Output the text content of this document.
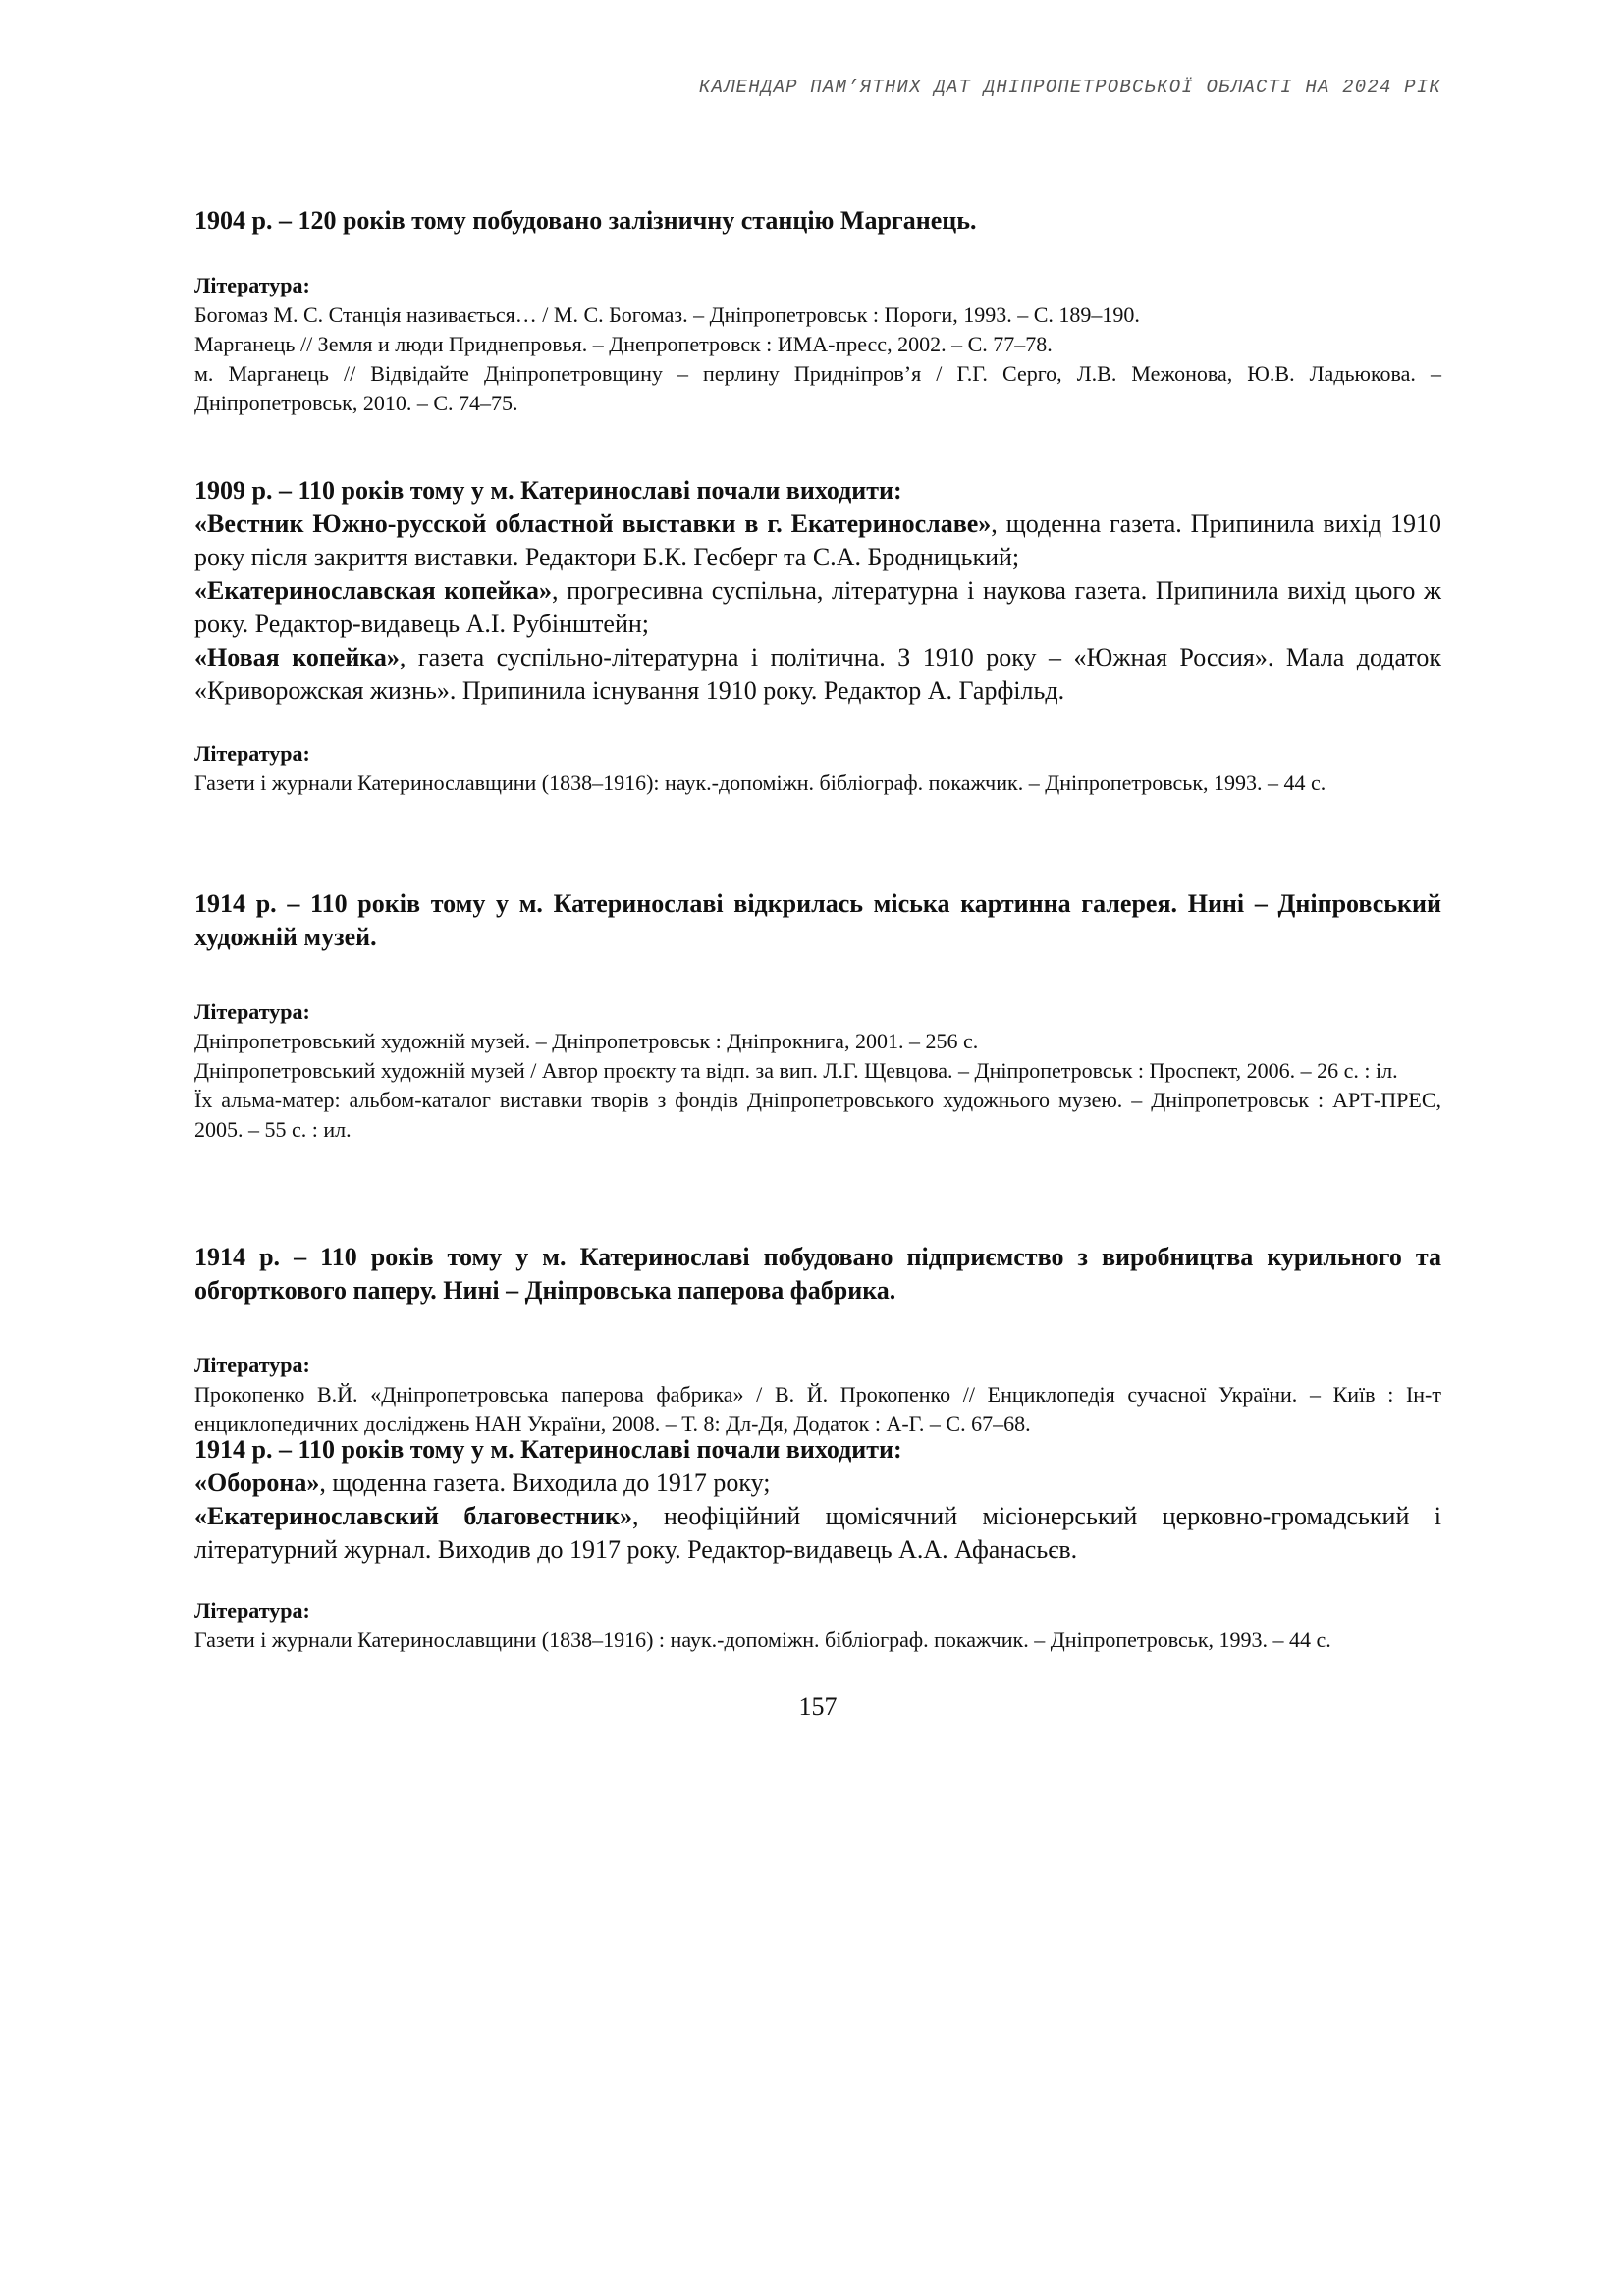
КАЛЕНДАР ПАМ’ЯТНИХ ДАТ ДНІПРОПЕТРОВСЬКОЇ ОБЛАСТІ НА 2024 РІК

1904 р. – 120 років тому побудовано залізничну станцію Марганець.

Література:

Богомаз М. С. Станція називається… / М. С. Богомаз. – Дніпропетровськ : Пороги, 1993. – С. 189–190.

Марганець // Земля и люди Приднепровья. – Днепропетровск : ИМА-пресс, 2002. – С. 77–78.

м. Марганець // Відвідайте Дніпропетровщину – перлину Придніпров’я / Г.Г. Серго, Л.В. Межонова, Ю.В. Ладьюкова. – Дніпропетровськ, 2010. – С. 74–75.

1909 р. – 110 років тому у м. Катеринославі почали виходити:

«Вестник Южно-русской областной выставки в г. Екатеринославе», щоденна газета. Припинила вихід 1910 року після закриття виставки. Редактори Б.К. Гесберг та С.А. Бродницький;

«Екатеринославская копейка», прогресивна суспільна, літературна і наукова газета. Припинила вихід цього ж року. Редактор-видавець А.І. Рубінштейн;

«Новая копейка», газета суспільно-літературна і політична. З 1910 року – «Южная Россия». Мала додаток «Криворожская жизнь». Припинила існування 1910 року. Редактор А. Гарфільд.

Література:

Газети і журнали Катеринославщини (1838–1916): наук.-допоміжн. бібліограф. покажчик. – Дніпропетровськ, 1993. – 44 с.

1914 р. – 110 років тому у м. Катеринославі відкрилась міська картинна галерея. Нині – Дніпровський художній музей.

Література:

Дніпропетровський художній музей. – Дніпропетровськ : Дніпрокнига, 2001. – 256 с.

Дніпропетровський художній музей / Автор проєкту та відп. за вип. Л.Г. Щевцова. – Дніпропетровськ : Проспект, 2006. – 26 с. : іл.

Їх альма-матер: альбом-каталог виставки творів з фондів Дніпропетровського художнього музею. – Дніпропетровськ : АРТ-ПРЕС, 2005. – 55 с. : ил.

1914 р. – 110 років тому у м. Катеринославі побудовано підприємство з виробництва курильного та обгорткового паперу. Нині – Дніпровська паперова фабрика.

Література:

Прокопенко В.Й. «Дніпропетровська паперова фабрика» / В. Й. Прокопенко // Енциклопедія сучасної України. – Київ : Ін-т енциклопедичних досліджень НАН України, 2008. – Т. 8: Дл-Дя, Додаток : А-Г. – С. 67–68.

1914 р. – 110 років тому у м. Катеринославі почали виходити:

«Оборона», щоденна газета. Виходила до 1917 року;

«Екатеринославский благовестник», неофіційний щомісячний місіонерський церковно-громадський і літературний журнал. Виходив до 1917 року. Редактор-видавець А.А. Афанасьєв.

Література:

Газети і журнали Катеринославщини (1838–1916) : наук.-допоміжн. бібліограф. покажчик. – Дніпропетровськ, 1993. – 44 с.

157
